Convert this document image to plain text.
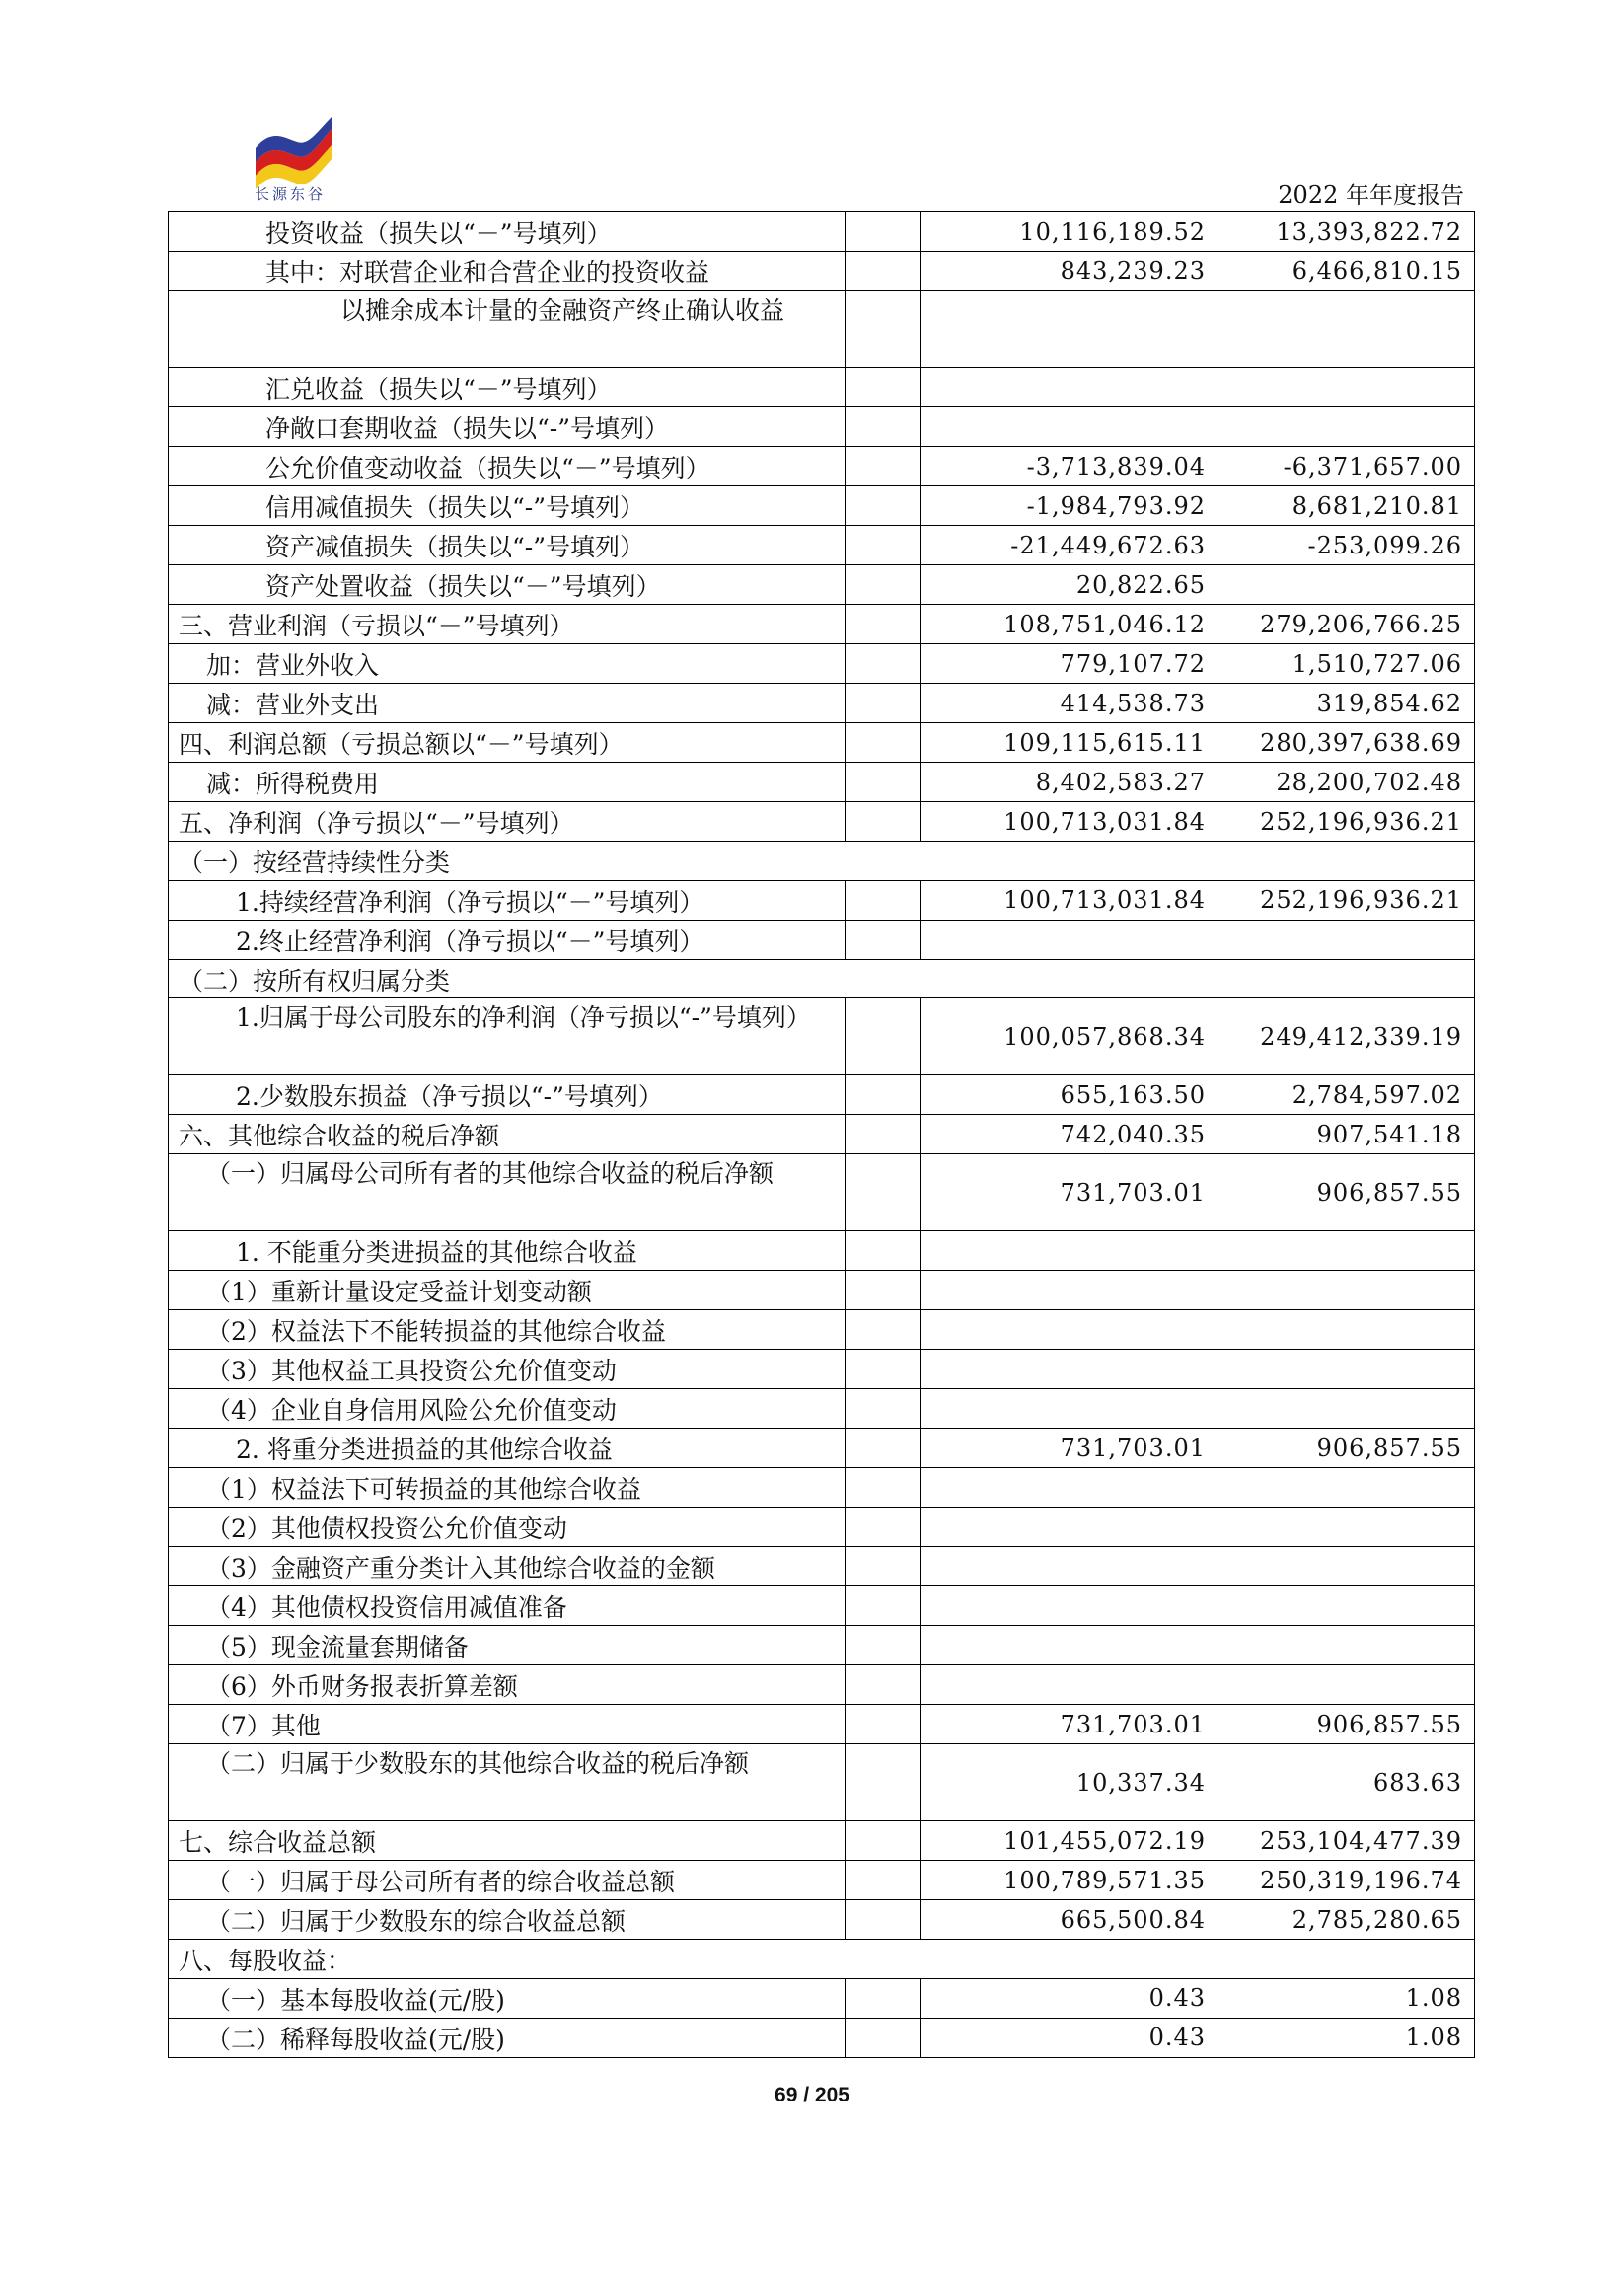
长源东谷	2022 年年度报告
投资收益（损失以“－”号填列）		10,116,189.52	13,393,822.72
其中：对联营企业和合营企业的投资收益		843,239.23	6,466,810.15
以摊余成本计量的金融资产终止确认收益			
汇兑收益（损失以“－”号填列）			
净敞口套期收益（损失以“-”号填列）			
公允价值变动收益（损失以“－”号填列）		-3,713,839.04	-6,371,657.00
信用减值损失（损失以“-”号填列）		-1,984,793.92	8,681,210.81
资产减值损失（损失以“-”号填列）		-21,449,672.63	-253,099.26
资产处置收益（损失以“－”号填列）		20,822.65	
三、营业利润（亏损以“－”号填列）		108,751,046.12	279,206,766.25
加：营业外收入		779,107.72	1,510,727.06
减：营业外支出		414,538.73	319,854.62
四、利润总额（亏损总额以“－”号填列）		109,115,615.11	280,397,638.69
减：所得税费用		8,402,583.27	28,200,702.48
五、净利润（净亏损以“－”号填列）		100,713,031.84	252,196,936.21
（一）按经营持续性分类			
1.持续经营净利润（净亏损以“－”号填列）		100,713,031.84	252,196,936.21
2.终止经营净利润（净亏损以“－”号填列）			
（二）按所有权归属分类			
1.归属于母公司股东的净利润（净亏损以“-”号填列）		100,057,868.34	249,412,339.19
2.少数股东损益（净亏损以“-”号填列）		655,163.50	2,784,597.02
六、其他综合收益的税后净额		742,040.35	907,541.18
（一）归属母公司所有者的其他综合收益的税后净额		731,703.01	906,857.55
1. 不能重分类进损益的其他综合收益			
（1）重新计量设定受益计划变动额			
（2）权益法下不能转损益的其他综合收益			
（3）其他权益工具投资公允价值变动			
（4）企业自身信用风险公允价值变动			
2. 将重分类进损益的其他综合收益		731,703.01	906,857.55
（1）权益法下可转损益的其他综合收益			
（2）其他债权投资公允价值变动			
（3）金融资产重分类计入其他综合收益的金额			
（4）其他债权投资信用减值准备			
（5）现金流量套期储备			
（6）外币财务报表折算差额			
（7）其他		731,703.01	906,857.55
（二）归属于少数股东的其他综合收益的税后净额		10,337.34	683.63
七、综合收益总额		101,455,072.19	253,104,477.39
（一）归属于母公司所有者的综合收益总额		100,789,571.35	250,319,196.74
（二）归属于少数股东的综合收益总额		665,500.84	2,785,280.65
八、每股收益：			
（一）基本每股收益(元/股)		0.43	1.08
（二）稀释每股收益(元/股)		0.43	1.08
69 / 205
